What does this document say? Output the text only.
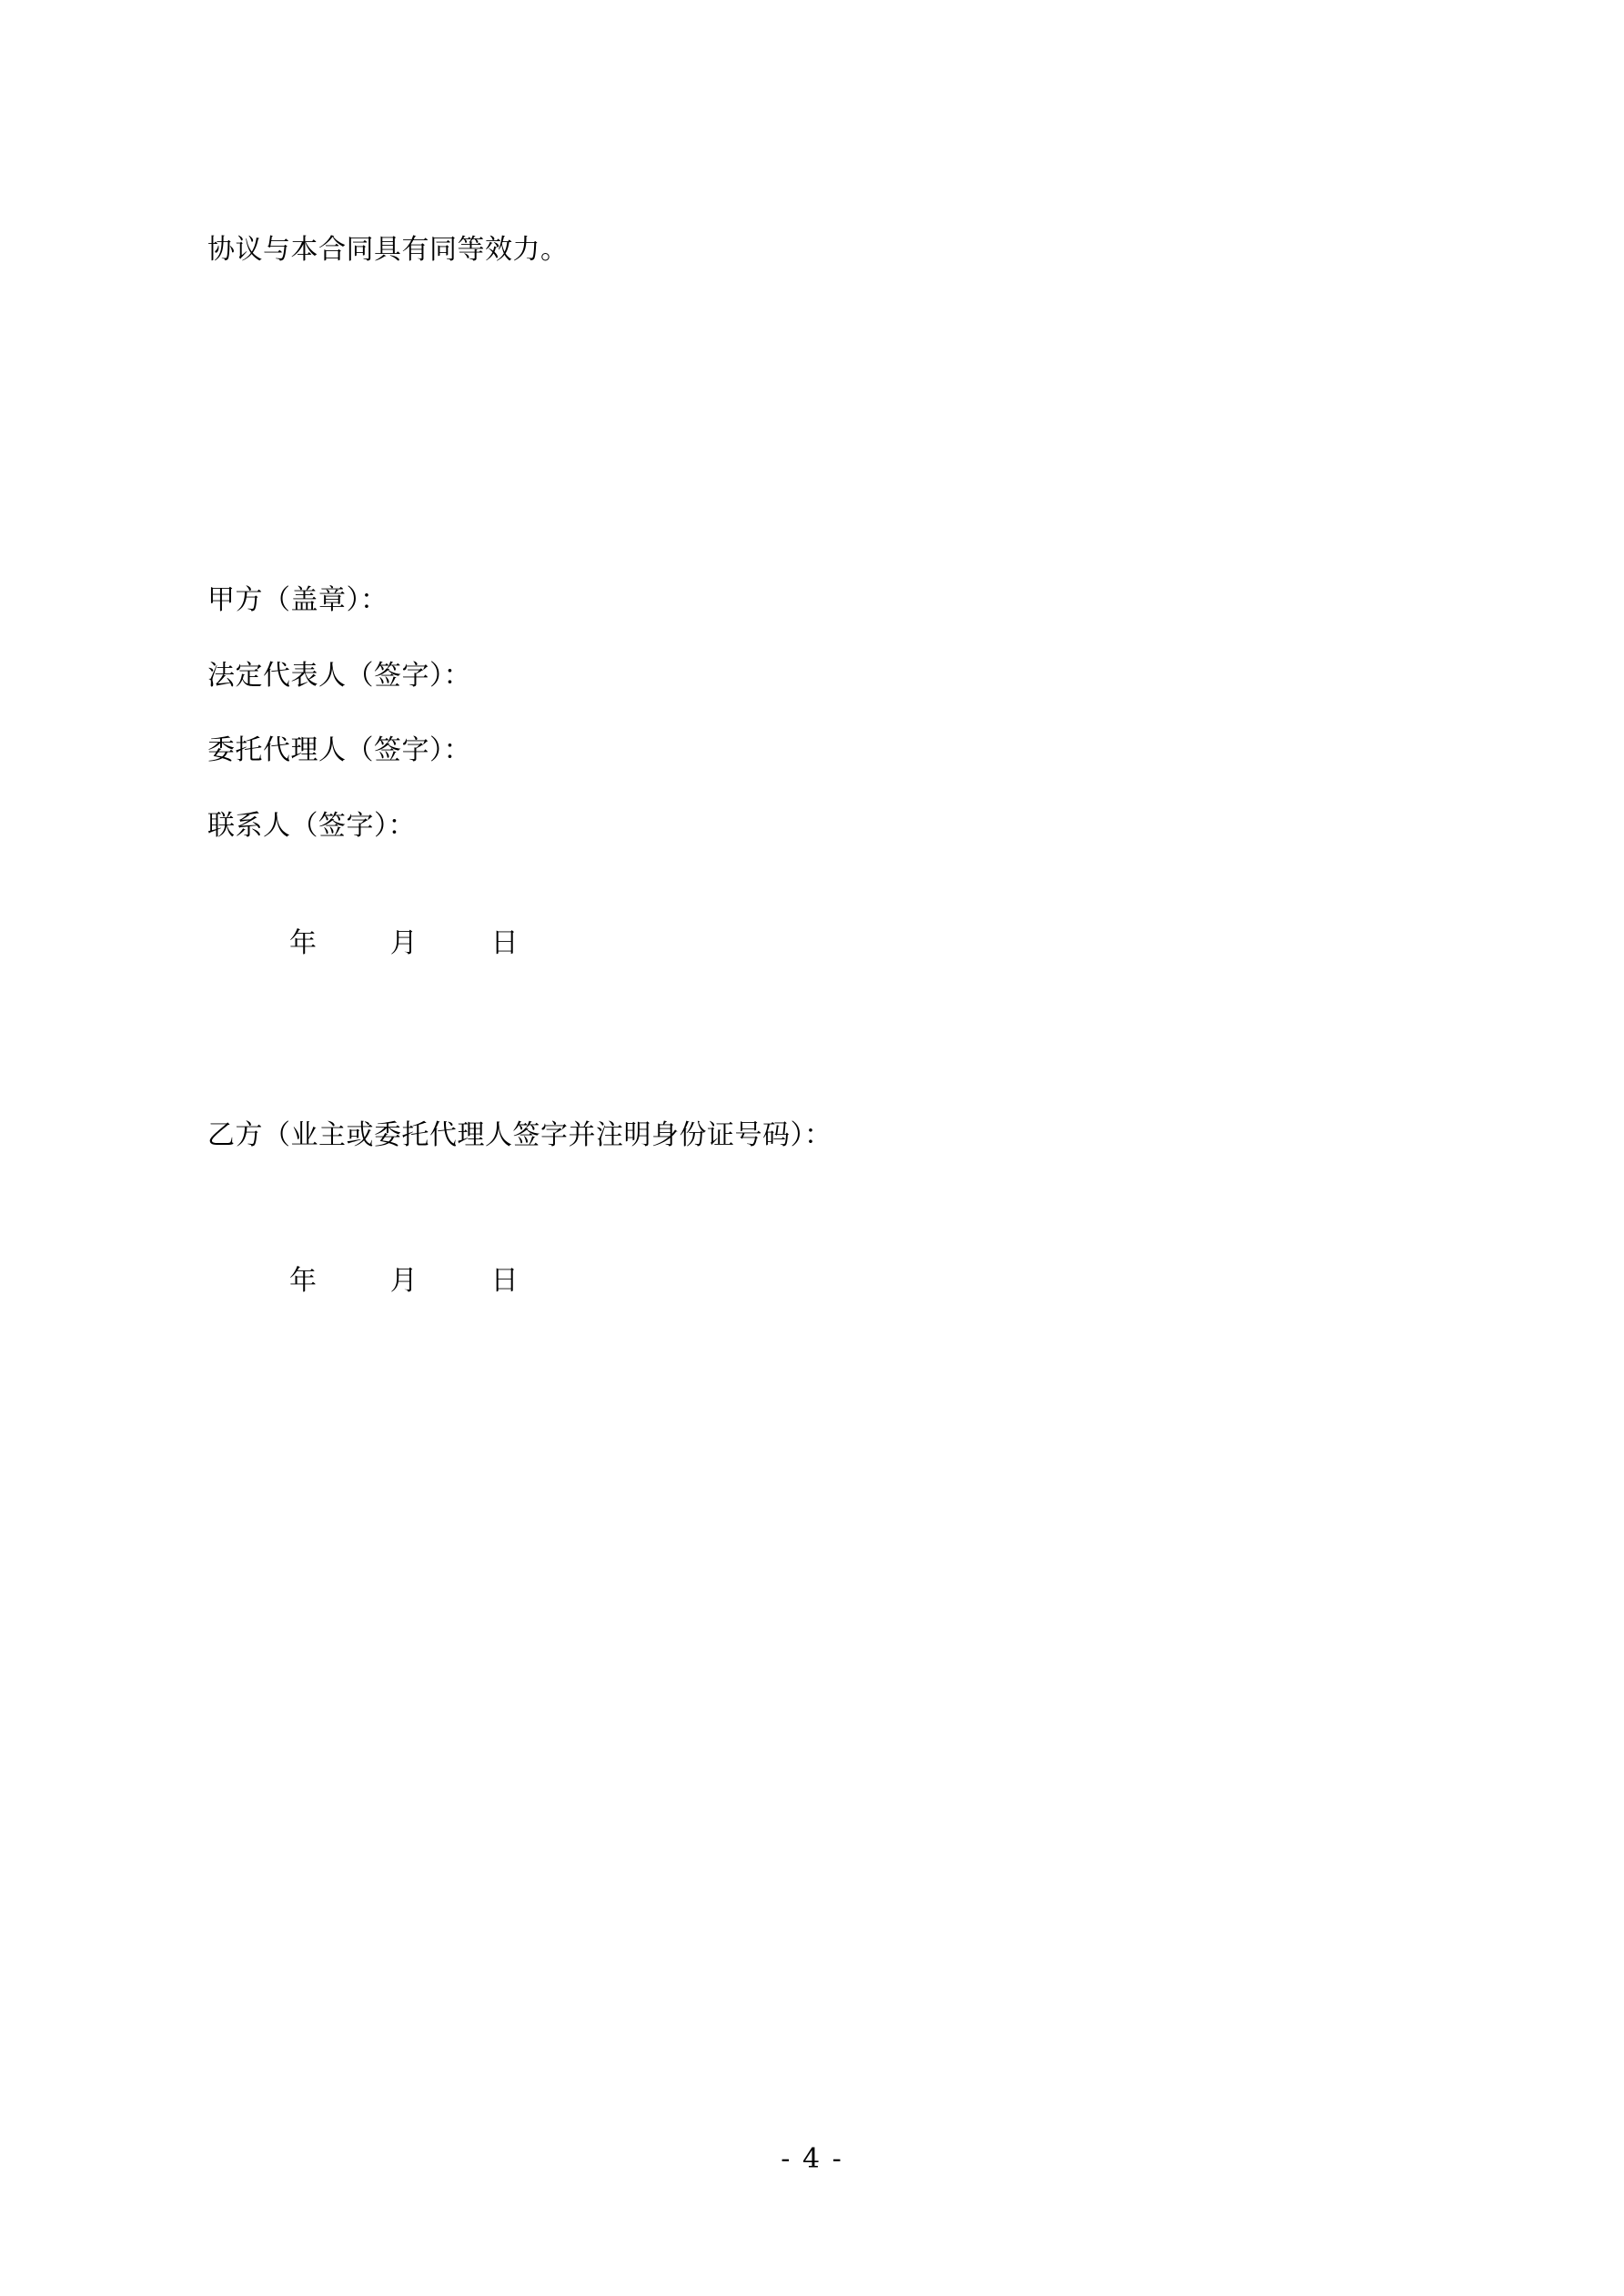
协议与本合同具有同等效力。
甲方（盖章）：
法定代表人（签字）：
委托代理人（签字）：
联系人（签字）：
年        月        日
乙方（业主或委托代理人签字并注明身份证号码）：
年        月        日
- 4 -
